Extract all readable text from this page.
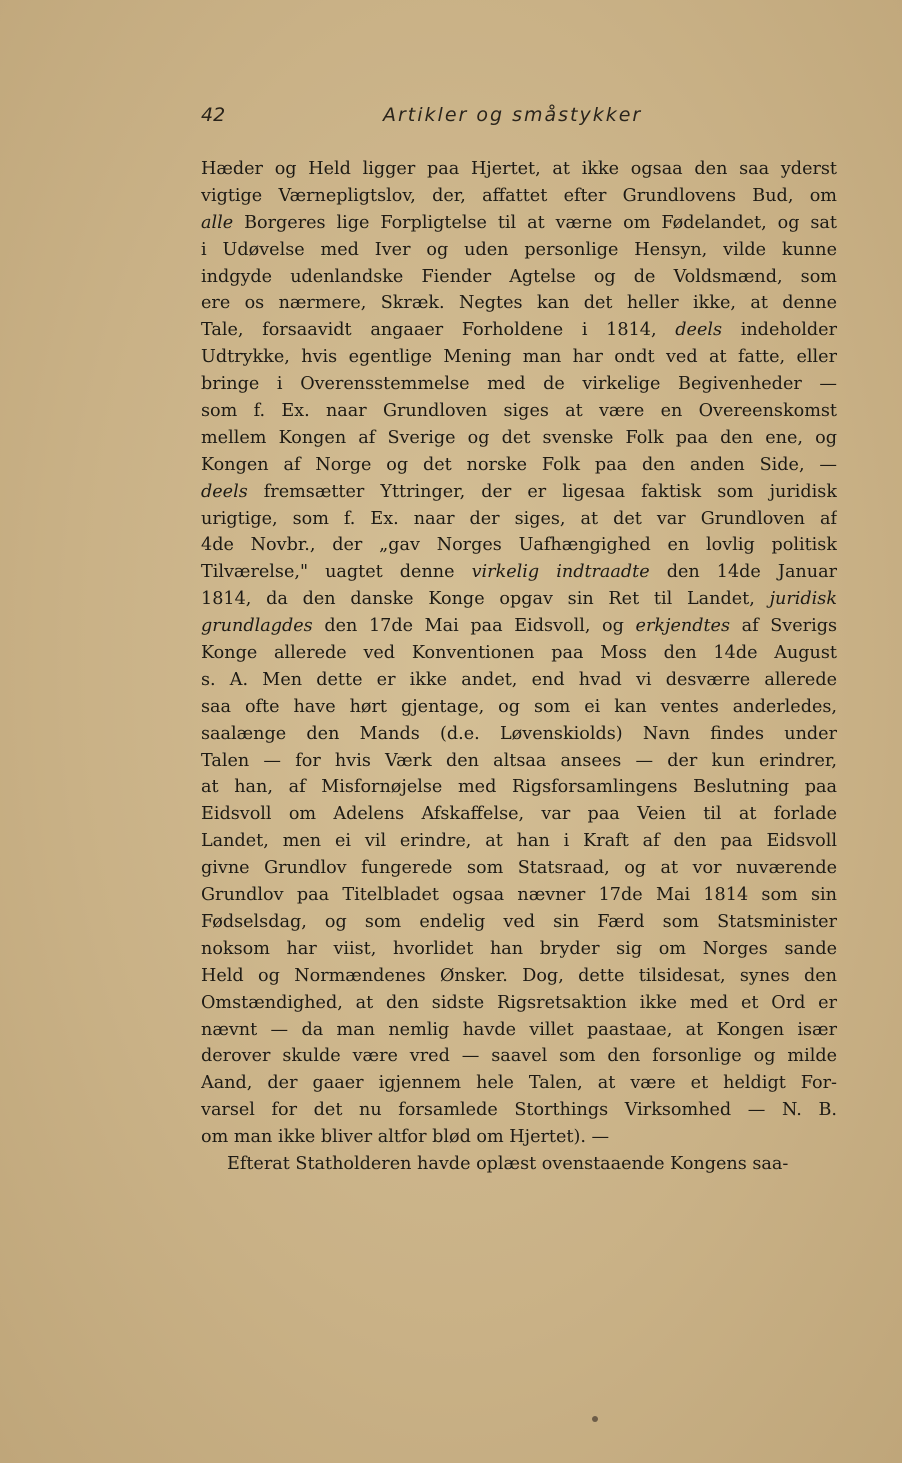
42	Artikler og småstykker
Hæder og Held ligger paa Hjertet, at ikke ogsaa den saa yderst
vigtige Værnepligtslov, der, affattet efter Grundlovens Bud, om
alle Borgeres lige Forpligtelse til at værne om Fødelandet, og sat
i Udøvelse med Iver og uden personlige Hensyn, vilde kunne
indgyde udenlandske Fiender Agtelse og de Voldsmænd, som
ere os nærmere, Skræk. Negtes kan det heller ikke, at denne
Tale, forsaavidt angaaer Forholdene i 1814, deels indeholder
Udtrykke, hvis egentlige Mening man har ondt ved at fatte, eller
bringe i Overensstemmelse med de virkelige Begivenheder —
som f. Ex. naar Grundloven siges at være en Overeenskomst
mellem Kongen af Sverige og det svenske Folk paa den ene, og
Kongen af Norge og det norske Folk paa den anden Side, —
deels fremsætter Yttringer, der er ligesaa faktisk som juridisk
urigtige, som f. Ex. naar der siges, at det var Grundloven af
4de Novbr., der „gav Norges Uafhængighed en lovlig politisk
Tilværelse," uagtet denne virkelig indtraadte den 14de Januar
1814, da den danske Konge opgav sin Ret til Landet, juridisk
grundlagdes den 17de Mai paa Eidsvoll, og erkjendtes af Sverigs
Konge allerede ved Konventionen paa Moss den 14de August
s. A. Men dette er ikke andet, end hvad vi desværre allerede
saa ofte have hørt gjentage, og som ei kan ventes anderledes,
saalænge den Mands (d.e. Løvenskiolds) Navn findes under
Talen — for hvis Værk den altsaa ansees — der kun erindrer,
at han, af Misfornøjelse med Rigsforsamlingens Beslutning paa
Eidsvoll om Adelens Afskaffelse, var paa Veien til at forlade
Landet, men ei vil erindre, at han i Kraft af den paa Eidsvoll
givne Grundlov fungerede som Statsraad, og at vor nuværende
Grundlov paa Titelbladet ogsaa nævner 17de Mai 1814 som sin
Fødselsdag, og som endelig ved sin Færd som Statsminister
noksom har viist, hvorlidet han bryder sig om Norges sande
Held og Normændenes Ønsker. Dog, dette tilsidesat, synes den
Omstændighed, at den sidste Rigsretsaktion ikke med et Ord er
nævnt — da man nemlig havde villet paastaae, at Kongen især
derover skulde være vred — saavel som den forsonlige og milde
Aand, der gaaer igjennem hele Talen, at være et heldigt For-
varsel for det nu forsamlede Storthings Virksomhed — N. B.
om man ikke bliver altfor blød om Hjertet). —
Efterat Statholderen havde oplæst ovenstaaende Kongens saa-
